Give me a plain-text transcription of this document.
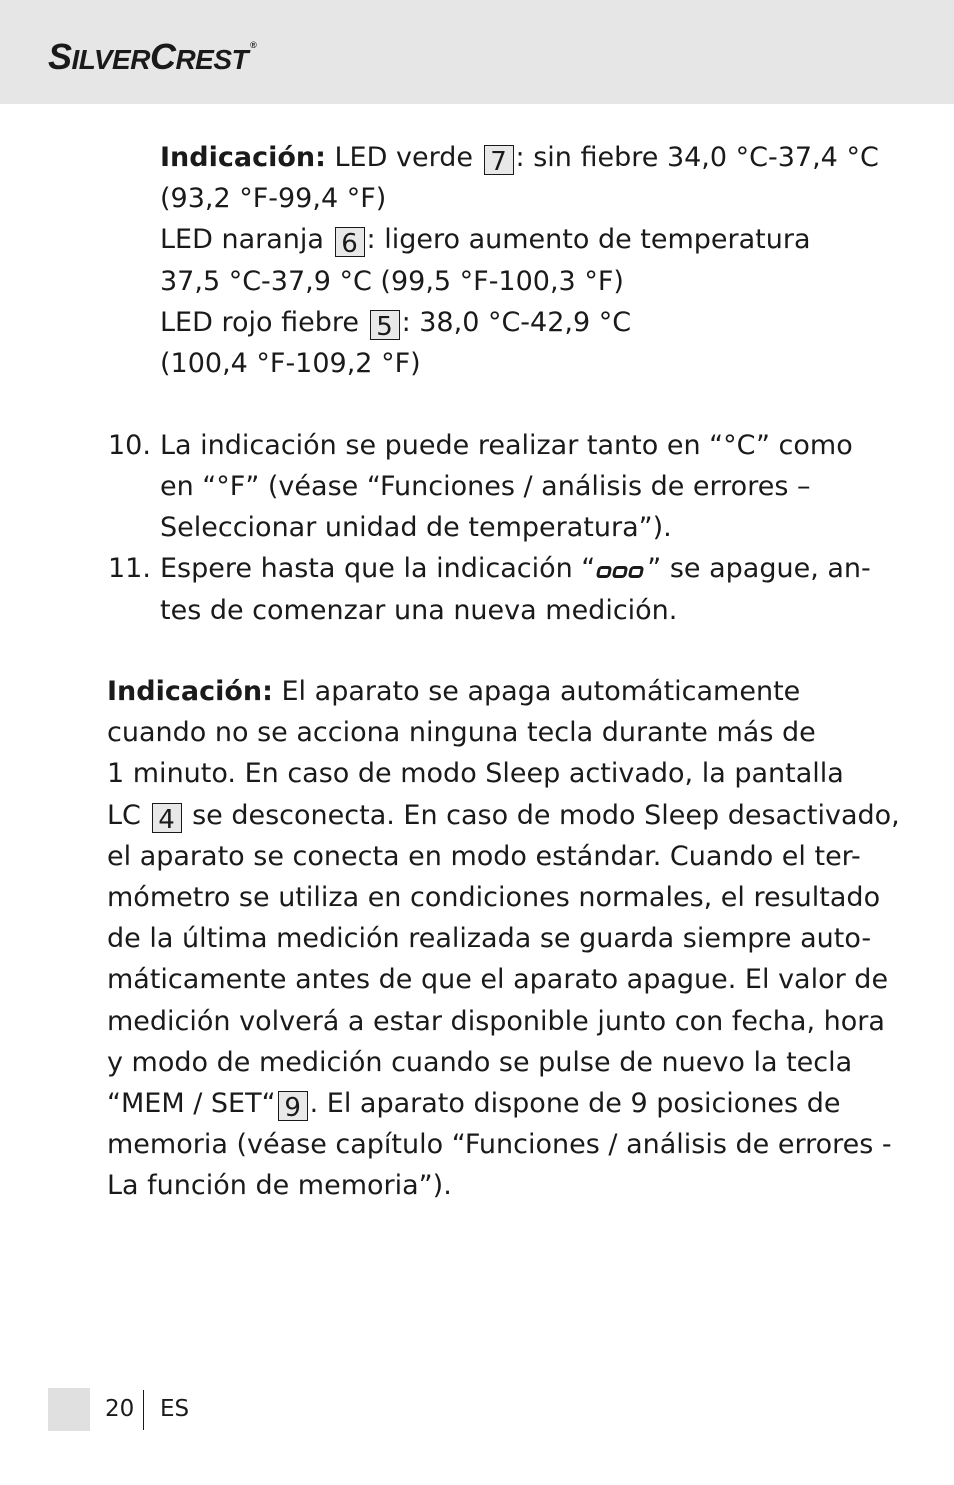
SILVERCREST ®
Indicación: LED verde 7 : sin fiebre 34,0 °C-37,4 °C
(93,2 °F-99,4 °F)
LED naranja 6 : ligero aumento de temperatura
37,5 °C-37,9 °C (99,5 °F-100,3 °F)
LED rojo fiebre 5 : 38,0 °C-42,9 °C
(100,4 °F-109,2 °F)
10. La indicación se puede realizar tanto en “°C” como
en “°F” (véase “Funciones / análisis de errores –
Seleccionar unidad de temperatura”).
11. Espere hasta que la indicación “ ” se apague, an-
tes de comenzar una nueva medición.
Indicación: El aparato se apaga automáticamente
cuando no se acciona ninguna tecla durante más de
1 minuto. En caso de modo Sleep activado, la pantalla
LC 4 se desconecta. En caso de modo Sleep desactivado,
el aparato se conecta en modo estándar. Cuando el ter-
mómetro se utiliza en condiciones normales, el resultado
de la última medición realizada se guarda siempre auto-
máticamente antes de que el aparato apague. El valor de
medición volverá a estar disponible junto con fecha, hora
y modo de medición cuando se pulse de nuevo la tecla
“MEM / SET“ 9 . El aparato dispone de 9 posiciones de
memoria (véase capítulo “Funciones / análisis de errores -
La función de memoria”).
20 ES
